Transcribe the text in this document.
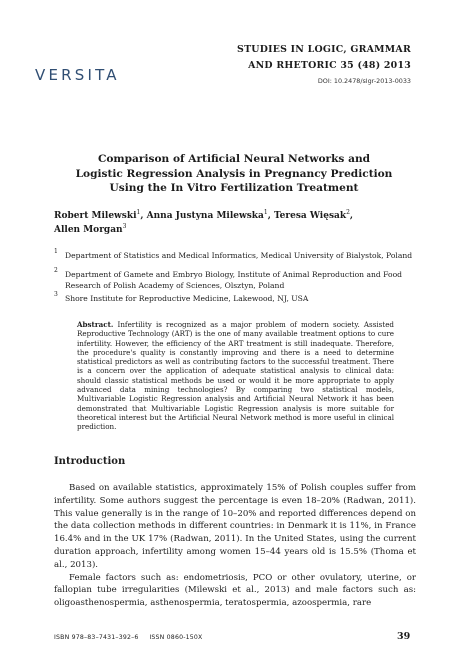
VERSITA
STUDIES IN LOGIC, GRAMMAR
AND RHETORIC 35 (48) 2013
DOI: 10.2478/slgr-2013-0033
Comparison of Artificial Neural Networks and
Logistic Regression Analysis in Pregnancy Prediction
Using the In Vitro Fertilization Treatment
Robert Milewski$^1$, Anna Justyna Milewska$^1$, Teresa Więsak$^2$,
Allen Morgan$^3$
1 Department of Statistics and Medical Informatics, Medical University of Bialystok, Poland
2 Department of Gamete and Embryo Biology, Institute of Animal Reproduction and Food Research of Polish Academy of Sciences, Olsztyn, Poland
3 Shore Institute for Reproductive Medicine, Lakewood, NJ, USA
Abstract. Infertility is recognized as a major problem of modern society. Assisted Reproductive Technology (ART) is the one of many available treatment options to cure infertility. However, the efficiency of the ART treatment is still inadequate. Therefore, the procedure's quality is constantly improving and there is a need to determine statistical predictors as well as contributing factors to the successful treatment. There is a concern over the application of adequate statistical analysis to clinical data: should classic statistical methods be used or would it be more appropriate to apply advanced data mining technologies? By comparing two statistical models, Multivariable Logistic Regression analysis and Artificial Neural Network it has been demonstrated that Multivariable Logistic Regression analysis is more suitable for theoretical interest but the Artificial Neural Network method is more useful in clinical prediction.
Introduction

Based on available statistics, approximately 15% of Polish couples suffer from infertility. Some authors suggest the percentage is even 18–20% (Radwan, 2011). This value generally is in the range of 10–20% and reported differences depend on the data collection methods in different countries: in Denmark it is 11%, in France 16.4% and in the UK 17% (Radwan, 2011). In the United States, using the current duration approach, infertility among women 15–44 years old is 15.5% (Thoma et al., 2013).

Female factors such as: endometriosis, PCO or other ovulatory, uterine, or fallopian tube irregularities (Milewski et al., 2013) and male factors such as: oligoasthenospermia, asthenospermia, teratospermia, azoospermia, rare

ISBN 978–83–7431–392–6 ISSN 0860-150X	39
